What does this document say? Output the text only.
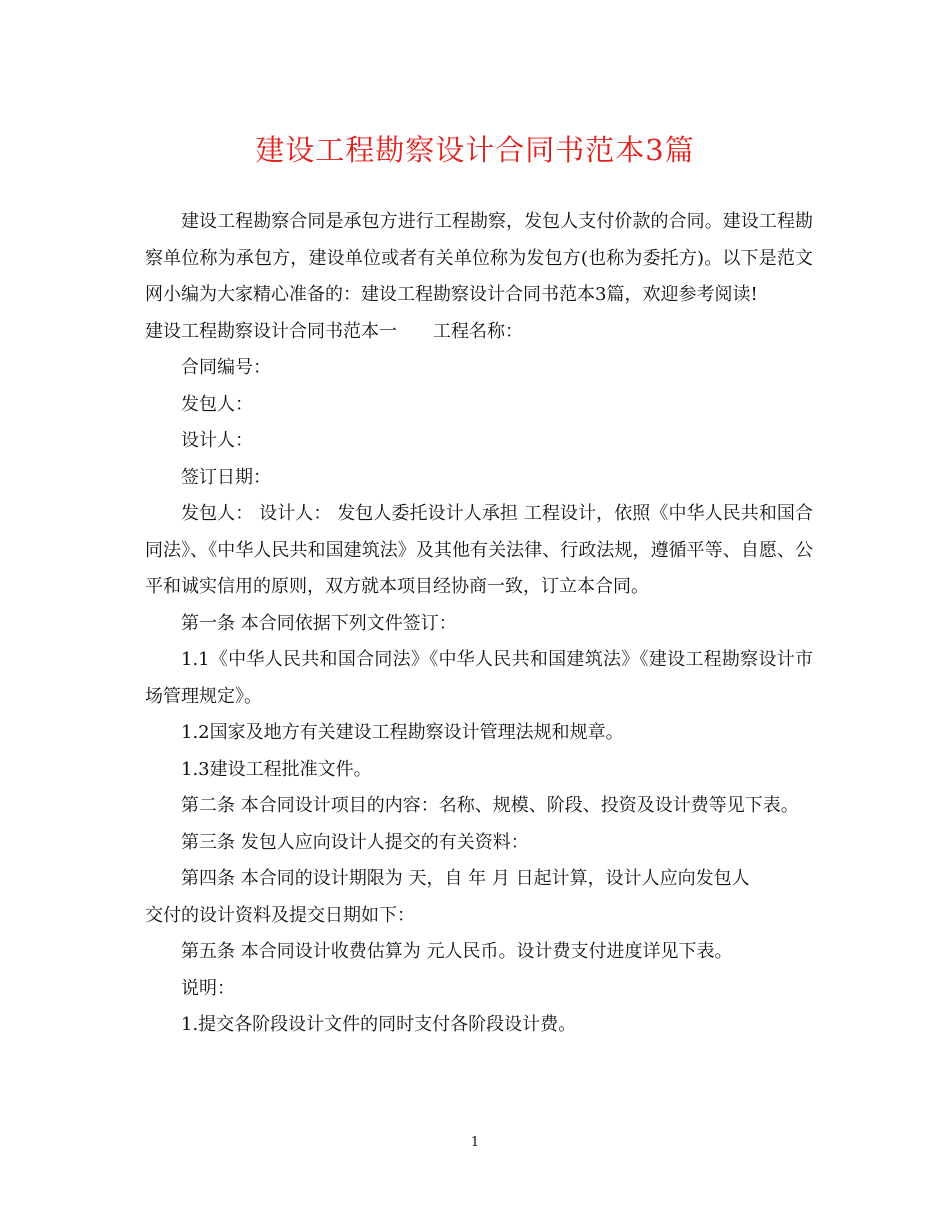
建设工程勘察设计合同书范本3篇

建设工程勘察合同是承包方进行工程勘察，发包人支付价款的合同。建设工程勘察单位称为承包方，建设单位或者有关单位称为发包方(也称为委托方)。以下是范文网小编为大家精心准备的：建设工程勘察设计合同书范本3篇，欢迎参考阅读!

建设工程勘察设计合同书范本一 工程名称：

合同编号：

发包人：

设计人：

签订日期：

发包人： 设计人： 发包人委托设计人承担 工程设计，依照《中华人民共和国合同法》、《中华人民共和国建筑法》及其他有关法律、行政法规，遵循平等、自愿、公平和诚实信用的原则，双方就本项目经协商一致，订立本合同。

第一条 本合同依据下列文件签订：

1.1《中华人民共和国合同法》《中华人民共和国建筑法》《建设工程勘察设计市场管理规定》。

1.2国家及地方有关建设工程勘察设计管理法规和规章。

1.3建设工程批准文件。

第二条 本合同设计项目的内容：名称、规模、阶段、投资及设计费等见下表。

第三条 发包人应向设计人提交的有关资料：

第四条 本合同的设计期限为 天，自 年 月 日起计算，设计人应向发包人

交付的设计资料及提交日期如下：

第五条 本合同设计收费估算为 元人民币。设计费支付进度详见下表。

说明：

1.提交各阶段设计文件的同时支付各阶段设计费。

1
